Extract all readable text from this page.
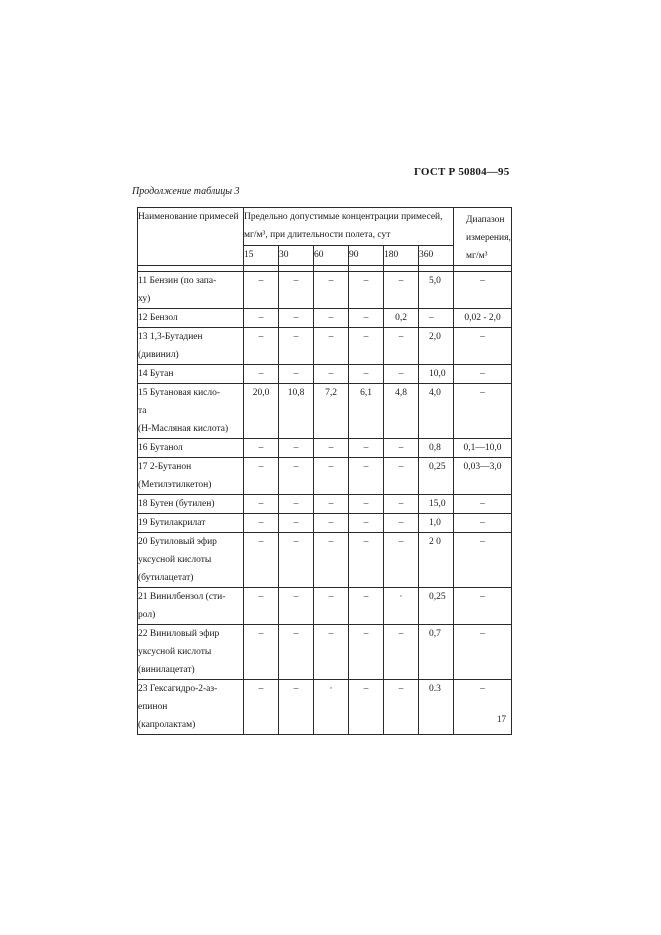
ГОСТ Р 50804—95
Продолжение таблицы 3
Наименование примесей	Предельно допустимые концентрации примесей, мг/м³, при длительности полета, сут						Диапазон измерения, мг/м³
	15	30	60	90	180	360	

11 Бензин (по запа-
ху)	–	–	–	–	–	5,0	–

12 Бензол	–	–	–	–	0,2	–	0,02 - 2,0

13 1,3-Бутадиен
(дивинил)	–	–	–	–	–	2,0	–

14 Бутан	–	–	–	–	–	10,0	–

15 Бутановая кисло-
та
(Н-Масляная кислота)	20,0	10,8	7,2	6,1	4,8	4,0	–

16 Бутанол	–	–	–	–	–	0,8	0,1—10,0

17 2-Бутанон
(Метилэтилкетон)	–	–	–	–	–	0,25	0,03—3,0

18 Бутен (бутилен)	–	–	–	–	–	15,0	–

19 Бутилакрилат	–	–	–	–	–	1,0	–

20 Бутиловый эфир
уксусной кислоты
(бутилацетат)	–	–	–	–	–	2 0	–

21 Винилбензол (сти-
рол)	–	–	–	–	·	0,25	–

22 Виниловый эфир
уксусной кислоты
(винилацетат)	–	–	–	–	–	0,7	–

23 Гексагидро-2-аз-
епинон
(капролактам)	–	–	·	–	–	0.3	–
17
